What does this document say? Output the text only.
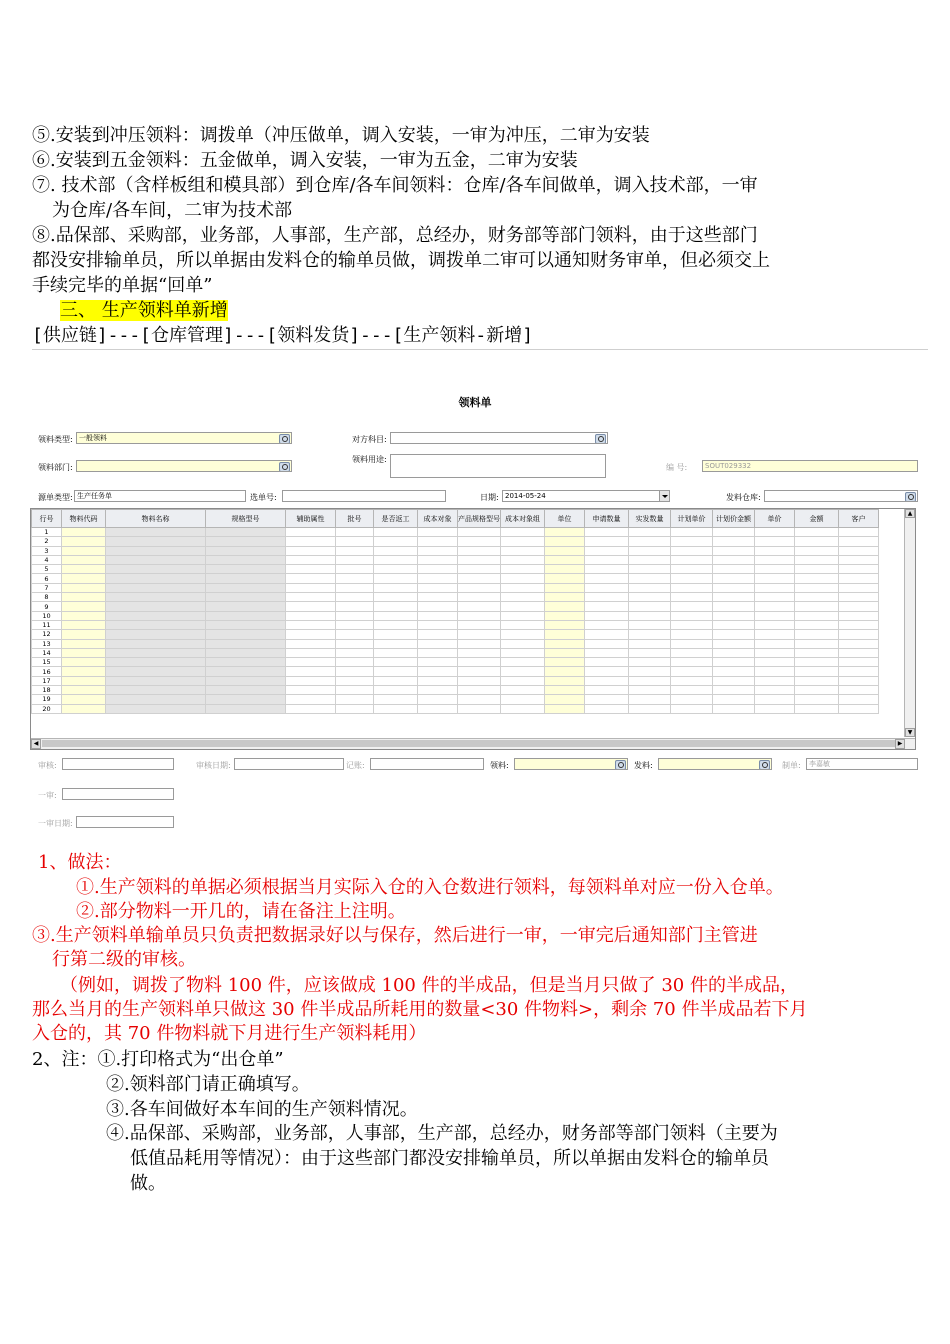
⑤.安装到冲压领料：调拨单（冲压做单，调入安装，一审为冲压，二审为安装
⑥.安装到五金领料：五金做单，调入安装，一审为五金，二审为安装
⑦. 技术部（含样板组和模具部）到仓库/各车间领料：仓库/各车间做单，调入技术部，一审
为仓库/各车间，二审为技术部
⑧.品保部、采购部，业务部，人事部，生产部，总经办，财务部等部门领料，由于这些部门
都没安排输单员，所以单据由发料仓的输单员做，调拨单二审可以通知财务审单，但必须交上
手续完毕的单据“回单”
三、 生产领料单新增
[供应链]---[仓库管理]---[领料发货]---[生产领料-新增]
领料单
领料类型: 一般领料	对方科目:
领料部门:
领料用途:
编 号:	SOUT029332
源单类型: 生产任务单	选单号:	日期: 2014-05-24	发料仓库:
行号	物料代码	物料名称	规格型号	辅助属性	批号	是否返工	成本对象	产品规格型号	成本对象组	单位	申请数量	实发数量	计划单价	计划价金额	单价	金额	客户
1																	
2																	
3																	
4																	
5																	
6																	
7																	
8																	
9																	
10																	
11																	
12																	
13																	
14																	
15																	
16																	
17																	
18																	
19																	
20																	
▲
▼
◀	▶
审核:	审核日期:	记账:	领料:	发料:	制单:	李嘉敏
一审:
一审日期:
1、做法：
①.生产领料的单据必须根据当月实际入仓的入仓数进行领料，每领料单对应一份入仓单。
②.部分物料一开几的，请在备注上注明。
③.生产领料单输单员只负责把数据录好以与保存，然后进行一审，一审完后通知部门主管进
行第二级的审核。
（例如，调拨了物料 100 件，应该做成 100 件的半成品，但是当月只做了 30 件的半成品，
那么当月的生产领料单只做这 30 件半成品所耗用的数量<30 件物料>，剩余 70 件半成品若下月
入仓的，其 70 件物料就下月进行生产领料耗用）
2、注：①.打印格式为“出仓单”
②.领料部门请正确填写。
③.各车间做好本车间的生产领料情况。
④.品保部、采购部，业务部，人事部，生产部，总经办，财务部等部门领料（主要为
低值品耗用等情况）：由于这些部门都没安排输单员，所以单据由发料仓的输单员
做。
